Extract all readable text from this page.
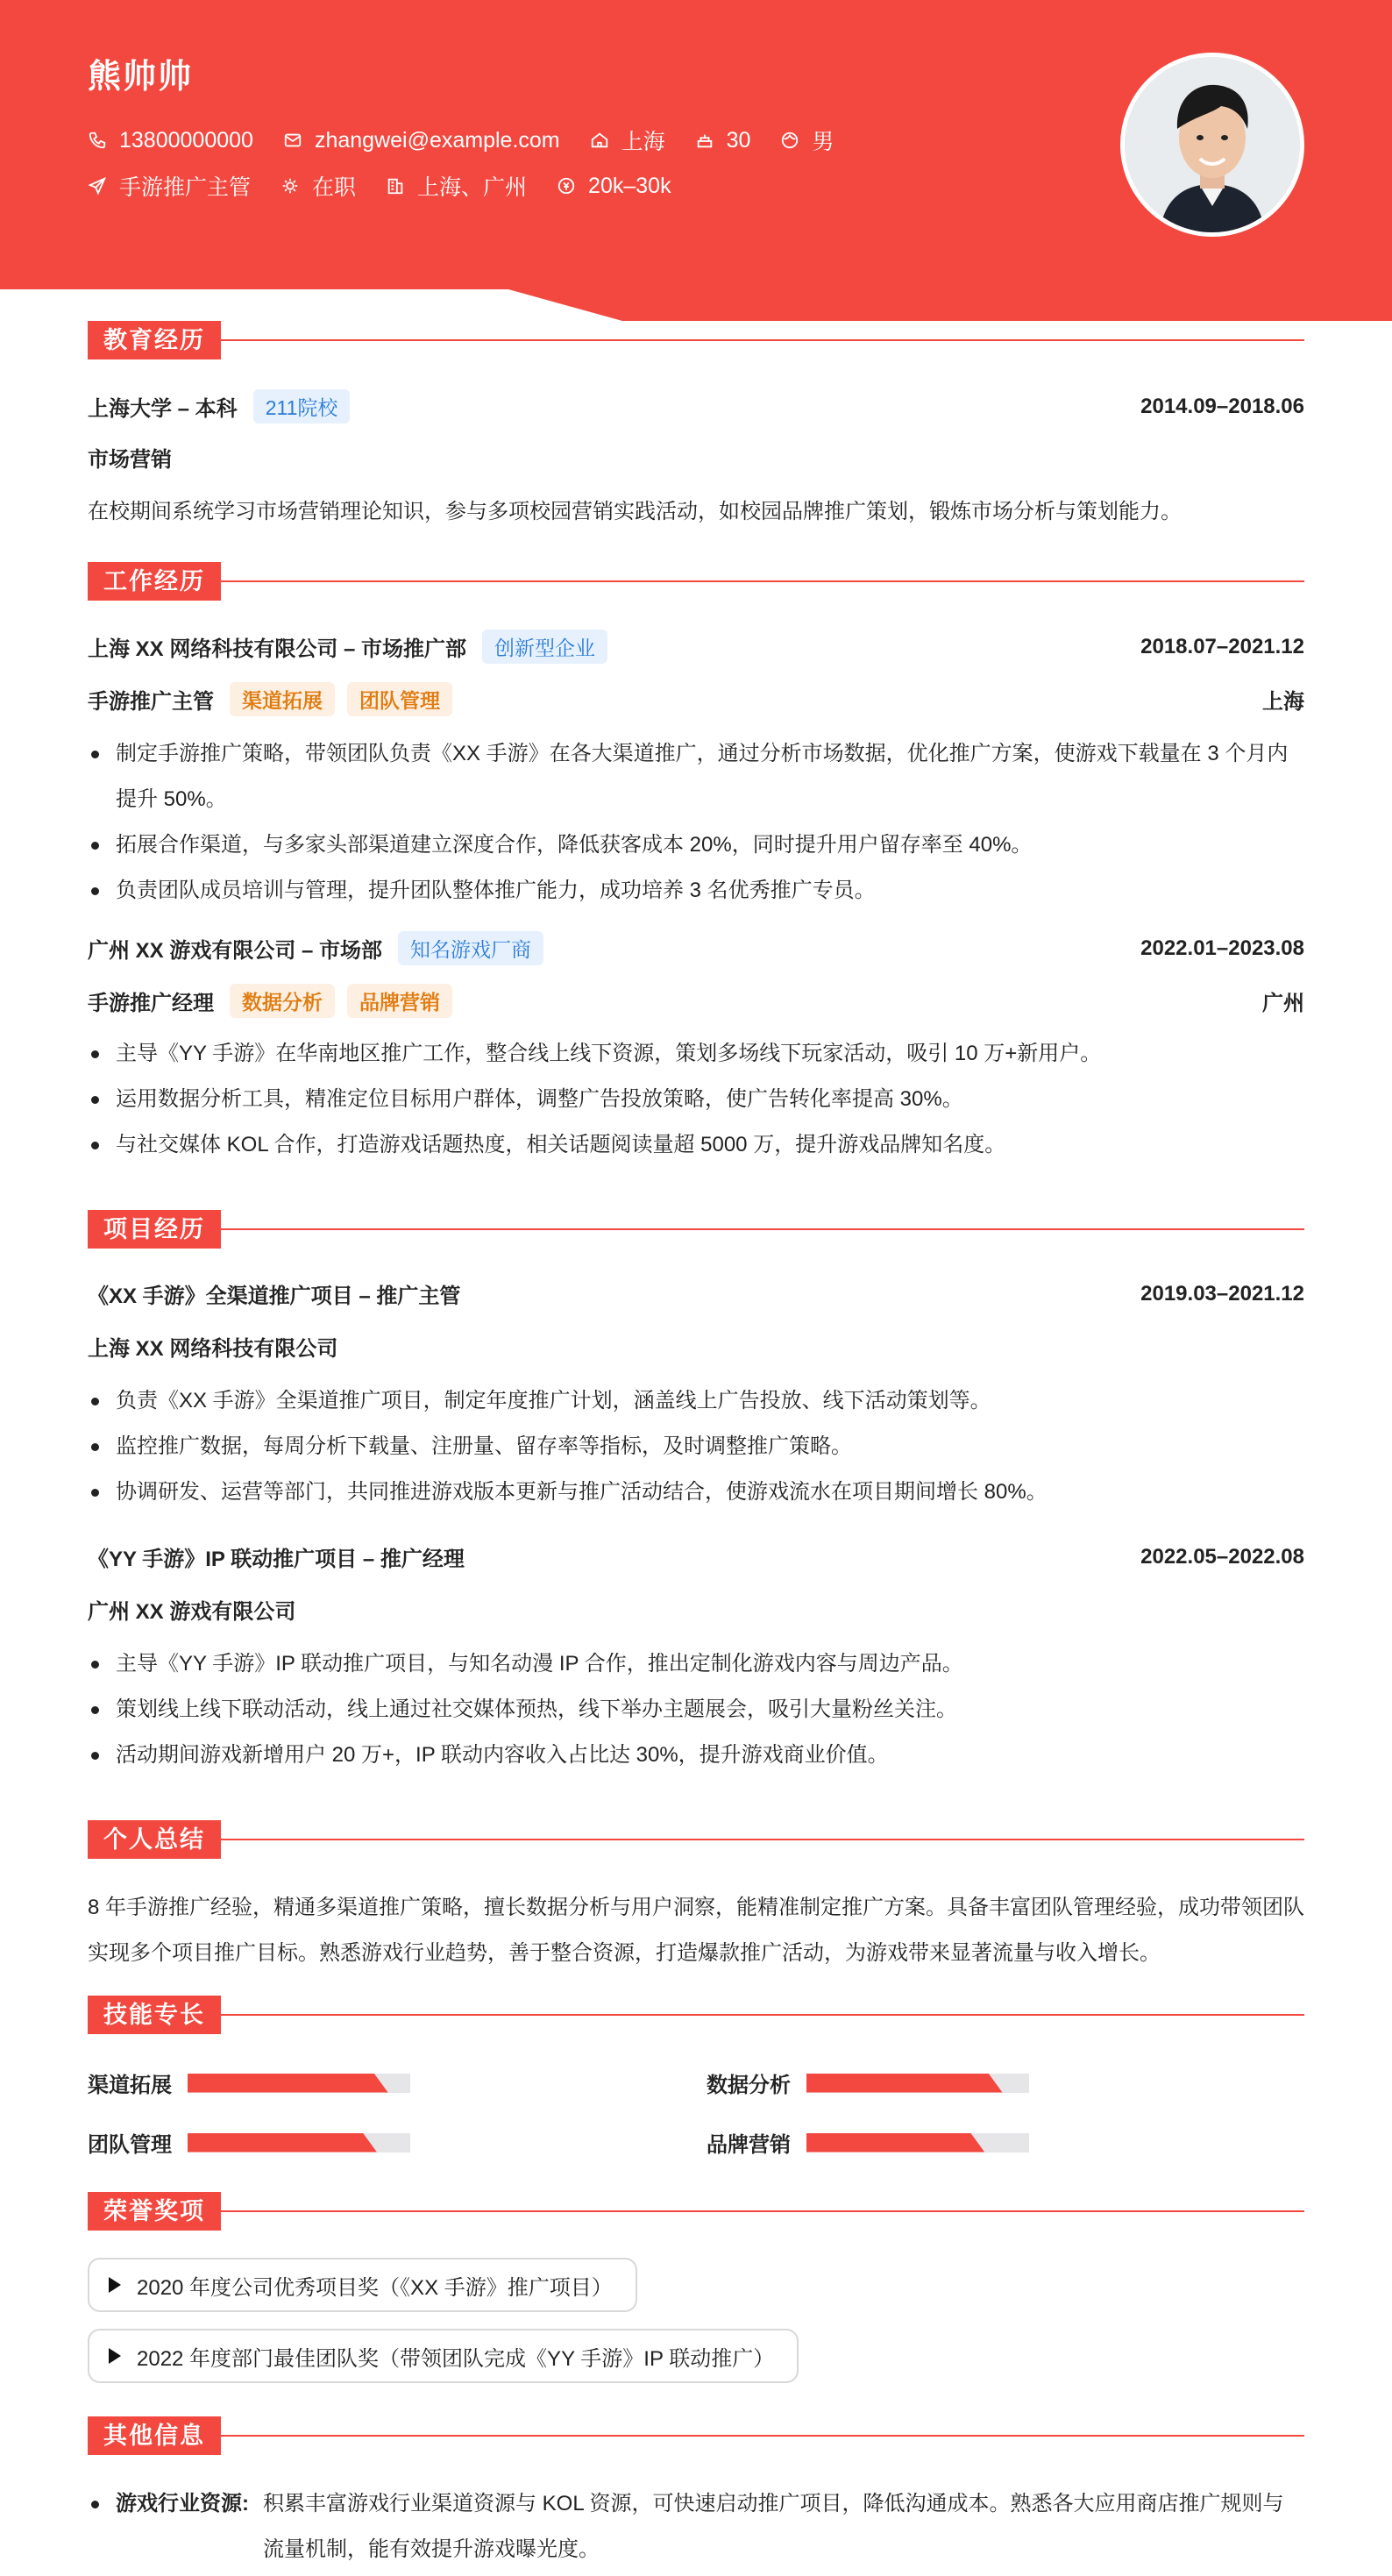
熊帅帅
13800000000	zhangwei@example.com	上海	30	男
手游推广主管	在职	上海、广州	20k–30k
教育经历
上海大学 – 本科	211院校	2014.09–2018.06
市场营销
在校期间系统学习市场营销理论知识，参与多项校园营销实践活动，如校园品牌推广策划，锻炼市场分析与策划能力。
工作经历
上海 XX 网络科技有限公司 – 市场推广部	创新型企业	2018.07–2021.12
手游推广主管	渠道拓展	团队管理	上海
制定手游推广策略，带领团队负责《XX 手游》在各大渠道推广，通过分析市场数据，优化推广方案，使游戏下载量在 3 个月内提升 50%。
拓展合作渠道，与多家头部渠道建立深度合作，降低获客成本 20%，同时提升用户留存率至 40%。
负责团队成员培训与管理，提升团队整体推广能力，成功培养 3 名优秀推广专员。
广州 XX 游戏有限公司 – 市场部	知名游戏厂商	2022.01–2023.08
手游推广经理	数据分析	品牌营销	广州
主导《YY 手游》在华南地区推广工作，整合线上线下资源，策划多场线下玩家活动，吸引 10 万+新用户。
运用数据分析工具，精准定位目标用户群体，调整广告投放策略，使广告转化率提高 30%。
与社交媒体 KOL 合作，打造游戏话题热度，相关话题阅读量超 5000 万，提升游戏品牌知名度。
项目经历
《XX 手游》全渠道推广项目 – 推广主管	2019.03–2021.12
上海 XX 网络科技有限公司
负责《XX 手游》全渠道推广项目，制定年度推广计划，涵盖线上广告投放、线下活动策划等。
监控推广数据，每周分析下载量、注册量、留存率等指标，及时调整推广策略。
协调研发、运营等部门，共同推进游戏版本更新与推广活动结合，使游戏流水在项目期间增长 80%。
《YY 手游》IP 联动推广项目 – 推广经理	2022.05–2022.08
广州 XX 游戏有限公司
主导《YY 手游》IP 联动推广项目，与知名动漫 IP 合作，推出定制化游戏内容与周边产品。
策划线上线下联动活动，线上通过社交媒体预热，线下举办主题展会，吸引大量粉丝关注。
活动期间游戏新增用户 20 万+，IP 联动内容收入占比达 30%，提升游戏商业价值。
个人总结
8 年手游推广经验，精通多渠道推广策略，擅长数据分析与用户洞察，能精准制定推广方案。具备丰富团队管理经验，成功带领团队实现多个项目推广目标。熟悉游戏行业趋势，善于整合资源，打造爆款推广活动，为游戏带来显著流量与收入增长。
技能专长
渠道拓展	数据分析
团队管理	品牌营销
荣誉奖项
2020 年度公司优秀项目奖（《XX 手游》推广项目）
2022 年度部门最佳团队奖（带领团队完成《YY 手游》IP 联动推广）
其他信息
游戏行业资源: 积累丰富游戏行业渠道资源与 KOL 资源，可快速启动推广项目，降低沟通成本。熟悉各大应用商店推广规则与流量机制，能有效提升游戏曝光度。
